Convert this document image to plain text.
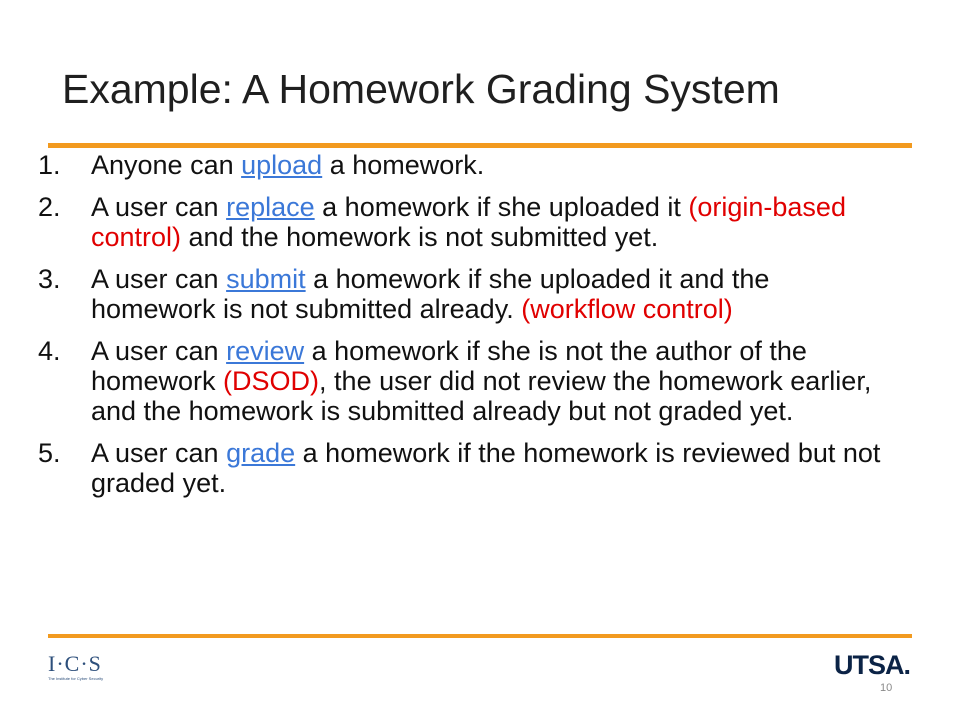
Example: A Homework Grading System
1.	Anyone can upload a homework.
2.	A user can replace a homework if she uploaded it (origin-based control) and the homework is not submitted yet.
3.	A user can submit a homework if she uploaded it and the homework is not submitted already. (workflow control)
4.	A user can review a homework if she is not the author of the homework (DSOD), the user did not review the homework earlier, and the homework is submitted already but not graded yet.
5.	A user can grade a homework if the homework is reviewed but not graded yet.
I·C·S
The Institute for Cyber Security	UTSA.
10
